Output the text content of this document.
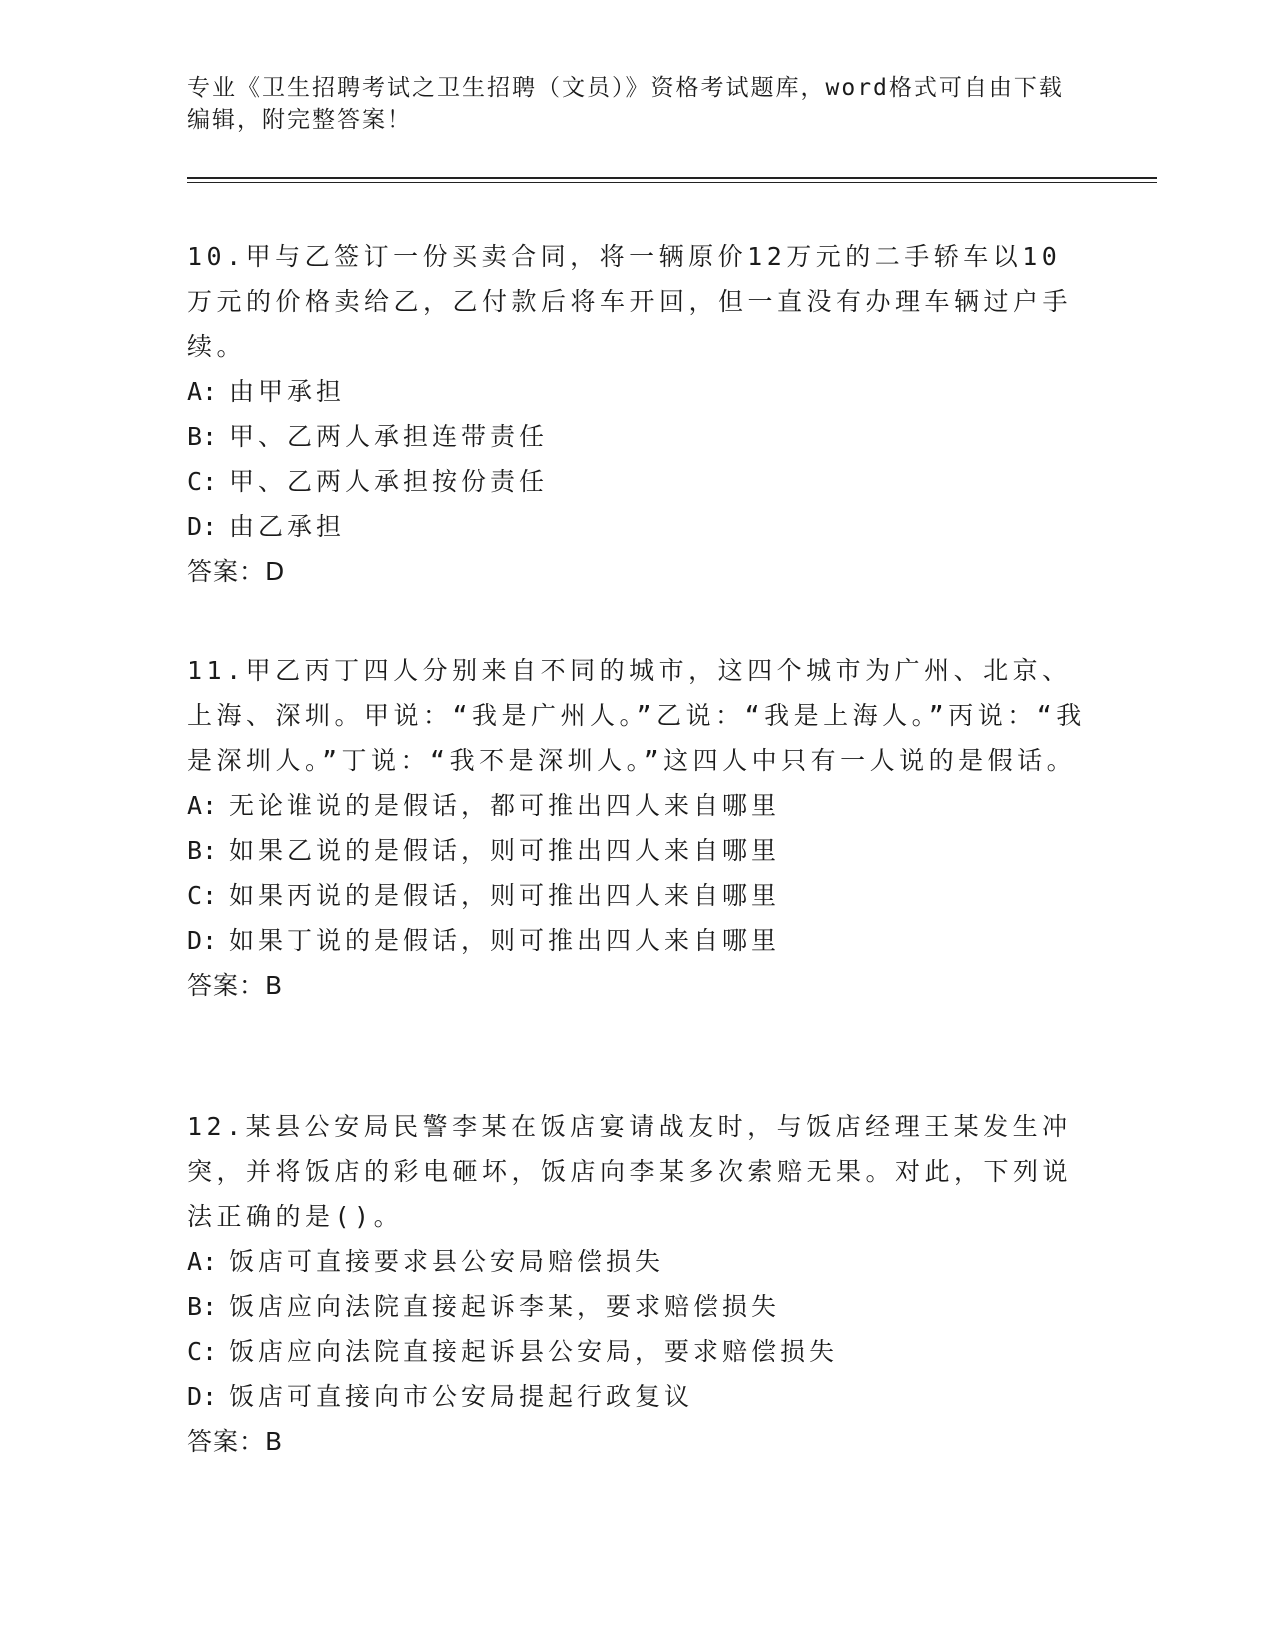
专业《卫生招聘考试之卫生招聘（文员）》资格考试题库，word格式可自由下载
编辑，附完整答案！

10.甲与乙签订一份买卖合同，将一辆原价12万元的二手轿车以10万元的价格卖给乙，乙付款后将车开回，但一直没有办理车辆过户手续。

A: 由甲承担

B: 甲、乙两人承担连带责任

C: 甲、乙两人承担按份责任

D: 由乙承担

答案：D

11.甲乙丙丁四人分别来自不同的城市，这四个城市为广州、北京、上海、深圳。甲说：“我是广州人。”乙说：“我是上海人。”丙说：“我是深圳人。”丁说：“我不是深圳人。”这四人中只有一人说的是假话。

A: 无论谁说的是假话，都可推出四人来自哪里

B: 如果乙说的是假话，则可推出四人来自哪里

C: 如果丙说的是假话，则可推出四人来自哪里

D: 如果丁说的是假话，则可推出四人来自哪里

答案：B

12.某县公安局民警李某在饭店宴请战友时，与饭店经理王某发生冲突，并将饭店的彩电砸坏，饭店向李某多次索赔无果。对此，下列说法正确的是()。

A: 饭店可直接要求县公安局赔偿损失

B: 饭店应向法院直接起诉李某，要求赔偿损失

C: 饭店应向法院直接起诉县公安局，要求赔偿损失

D: 饭店可直接向市公安局提起行政复议

答案：B
